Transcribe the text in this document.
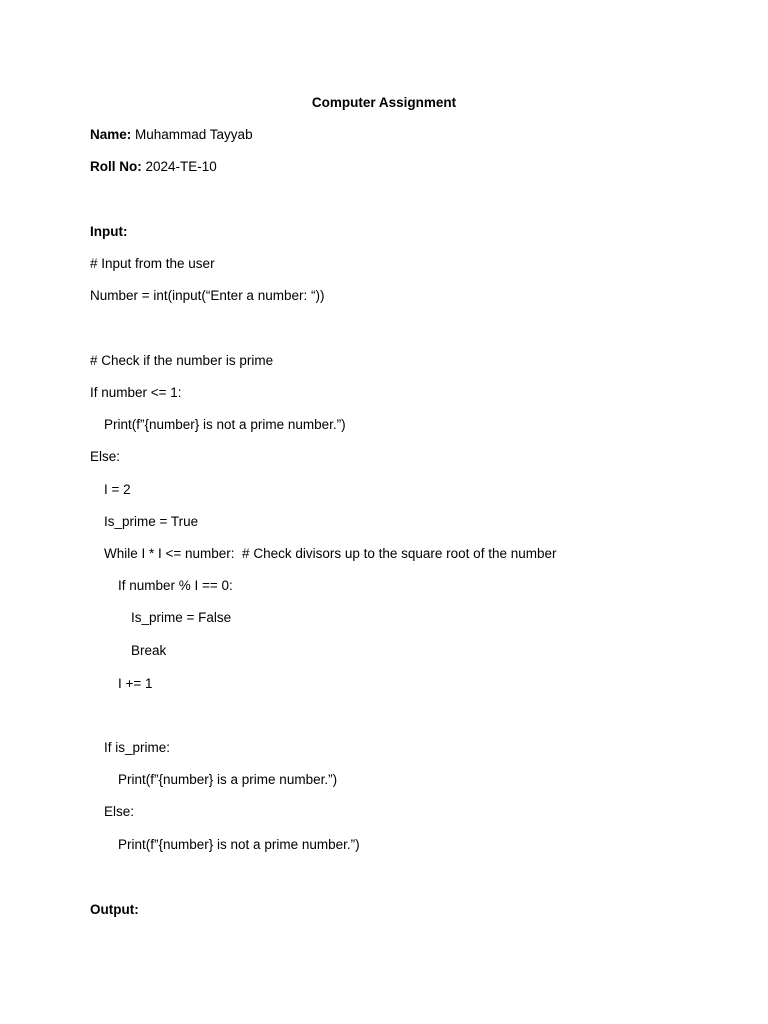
Computer Assignment
Name: Muhammad Tayyab
Roll No: 2024-TE-10
Input:
# Input from the user
Number = int(input(“Enter a number: “))
# Check if the number is prime
If number <= 1:
Print(f”{number} is not a prime number.”)
Else:
I = 2
Is_prime = True
While I * I <= number:  # Check divisors up to the square root of the number
If number % I == 0:
Is_prime = False
Break
I += 1
If is_prime:
Print(f”{number} is a prime number.”)
Else:
Print(f”{number} is not a prime number.”)
Output:
